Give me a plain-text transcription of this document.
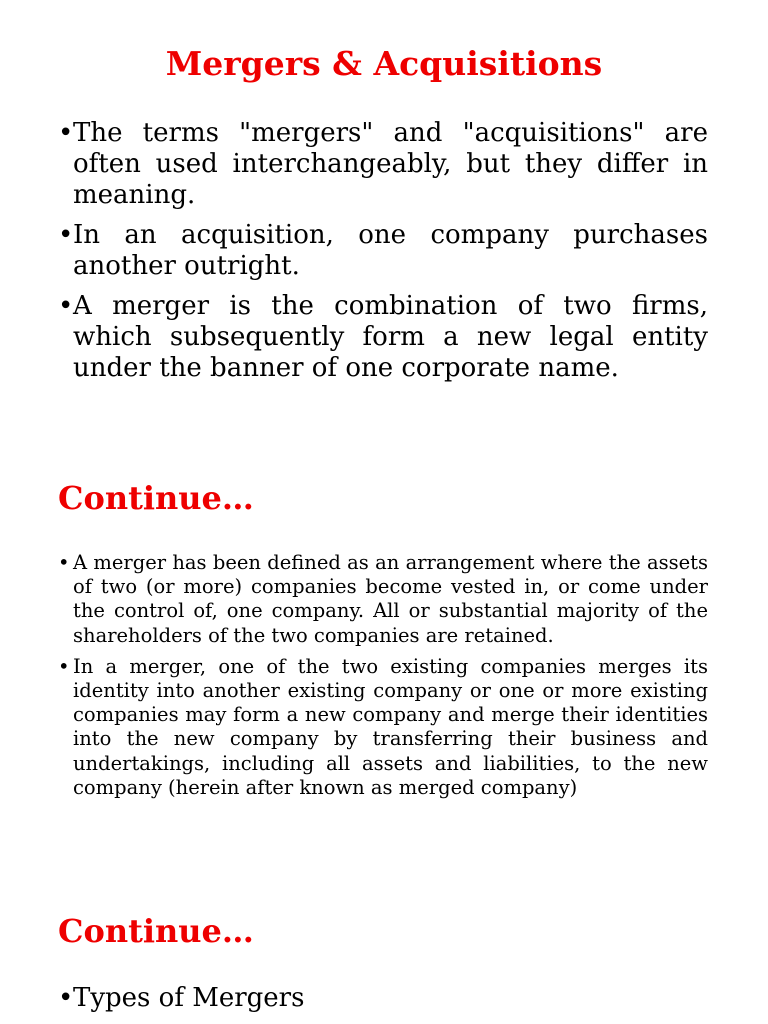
Mergers & Acquisitions
• The terms "mergers" and "acquisitions" are often used interchangeably, but they differ in meaning.
• In an acquisition, one company purchases another outright.
• A merger is the combination of two firms, which subsequently form a new legal entity under the banner of one corporate name.
Continue…
• A merger has been defined as an arrangement where the assets of two (or more) companies become vested in, or come under the control of, one company. All or substantial majority of the shareholders of the two companies are retained.
• In a merger, one of the two existing companies merges its identity into another existing company or one or more existing companies may form a new company and merge their identities into the new company by transferring their business and undertakings, including all assets and liabilities, to the new company (herein after known as merged company)
Continue…
• Types of Mergers
